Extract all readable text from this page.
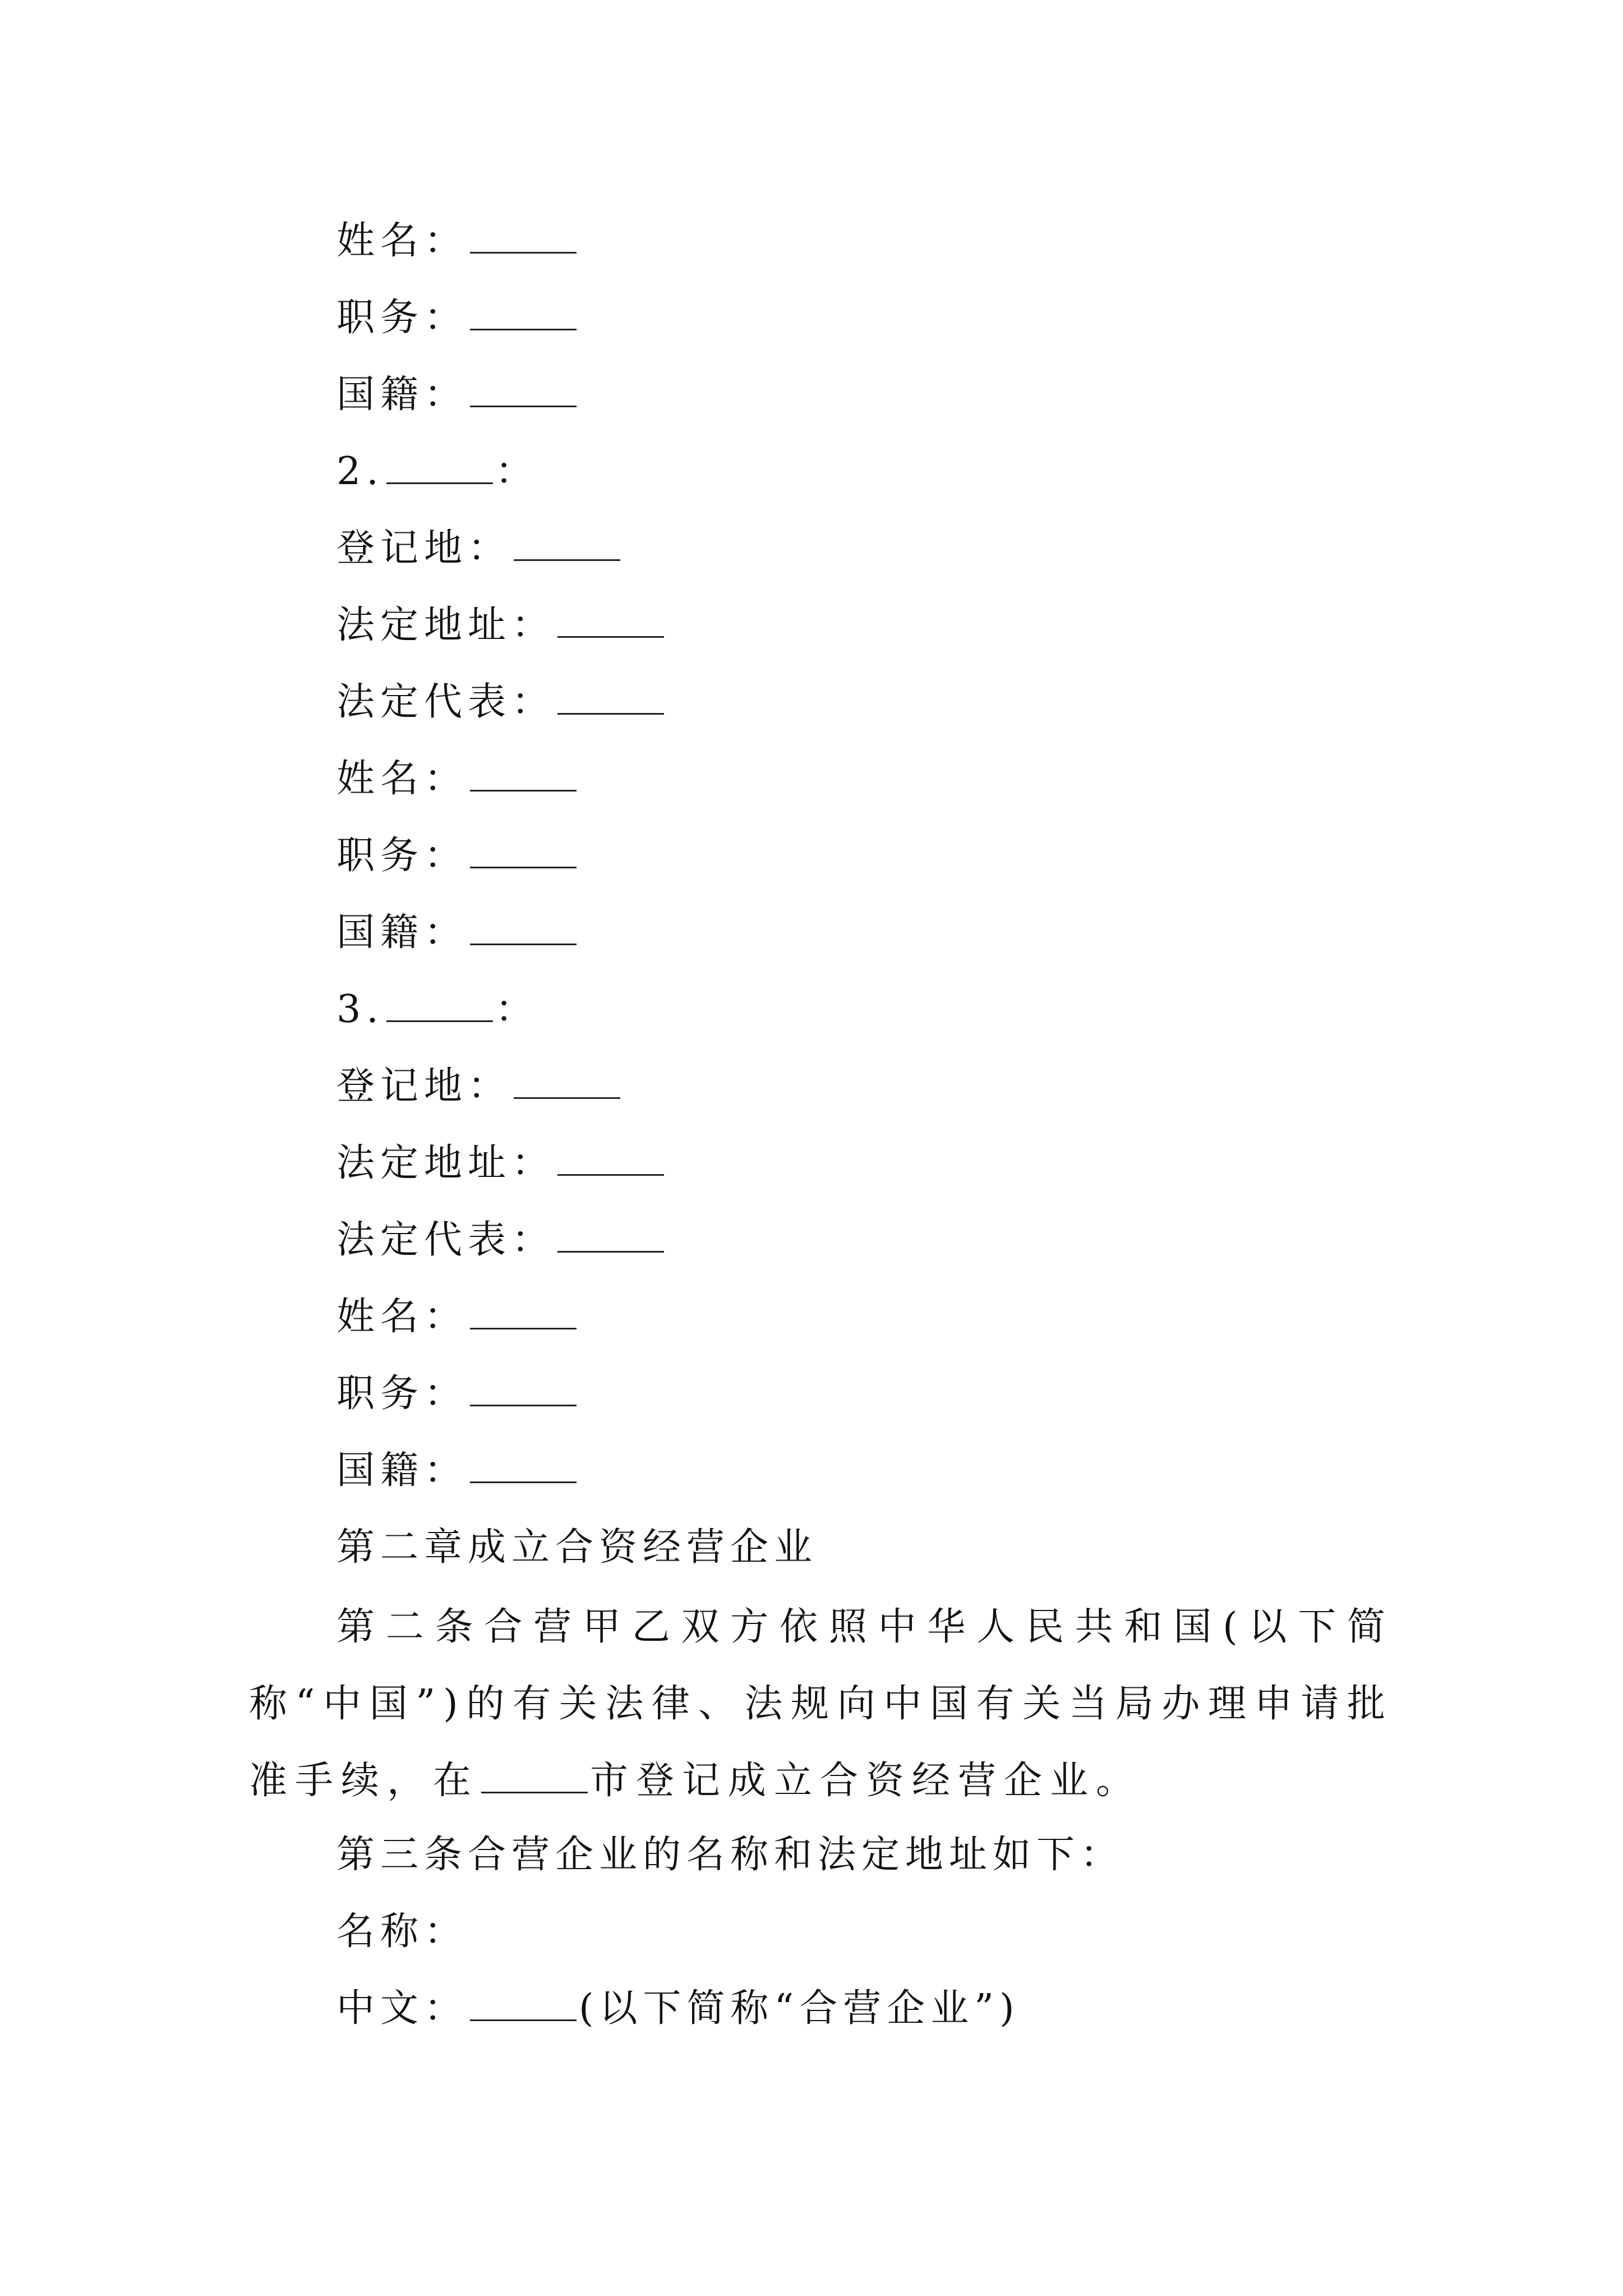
姓名：
职务：
国籍：
2.	：
登记地：
法定地址：
法定代表：
姓名：
职务：
国籍：
3.	：
登记地：
法定地址：
法定代表：
姓名：
职务：
国籍：
第二章成立合资经营企业
第二条合营甲乙双方依照中华人民共和国(以下简称“中国”)的有关法律、法规向中国有关当局办理申请批准手续，在	市登记成立合资经营企业。
第三条合营企业的名称和法定地址如下：
名称：
中文：	(以下简称“合营企业”)
